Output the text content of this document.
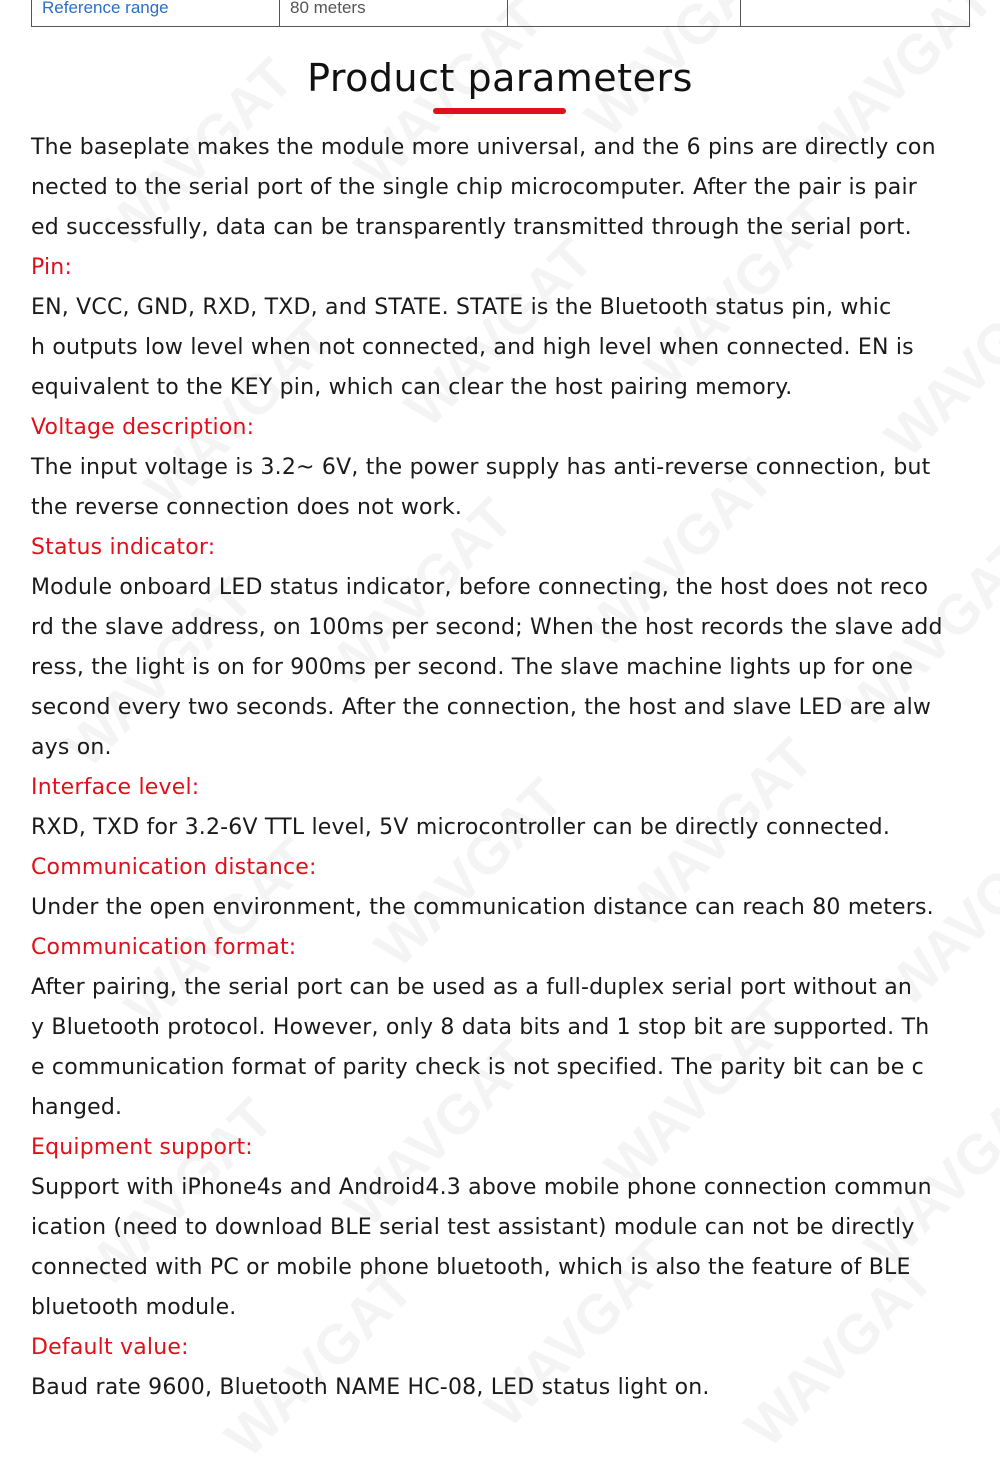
Reference range	80 meters
Product parameters
The baseplate makes the module more universal, and the 6 pins are directly con
nected to the serial port of the single chip microcomputer. After the pair is pair
ed successfully, data can be transparently transmitted through the serial port.
Pin:
EN, VCC, GND, RXD, TXD, and STATE. STATE is the Bluetooth status pin, whic
h outputs low level when not connected, and high level when connected. EN is
equivalent to the KEY pin, which can clear the host pairing memory.
Voltage description:
The input voltage is 3.2~ 6V, the power supply has anti-reverse connection, but
the reverse connection does not work.
Status indicator:
Module onboard LED status indicator, before connecting, the host does not reco
rd the slave address, on 100ms per second; When the host records the slave add
ress, the light is on for 900ms per second. The slave machine lights up for one
second every two seconds. After the connection, the host and slave LED are alw
ays on.
Interface level:
RXD, TXD for 3.2-6V TTL level, 5V microcontroller can be directly connected.
Communication distance:
Under the open environment, the communication distance can reach 80 meters.
Communication format:
After pairing, the serial port can be used as a full-duplex serial port without an
y Bluetooth protocol. However, only 8 data bits and 1 stop bit are supported. Th
e communication format of parity check is not specified. The parity bit can be c
hanged.
Equipment support:
Support with iPhone4s and Android4.3 above mobile phone connection commun
ication (need to download BLE serial test assistant) module can not be directly
connected with PC or mobile phone bluetooth, which is also the feature of BLE
bluetooth module.
Default value:
Baud rate 9600, Bluetooth NAME HC-08, LED status light on.
